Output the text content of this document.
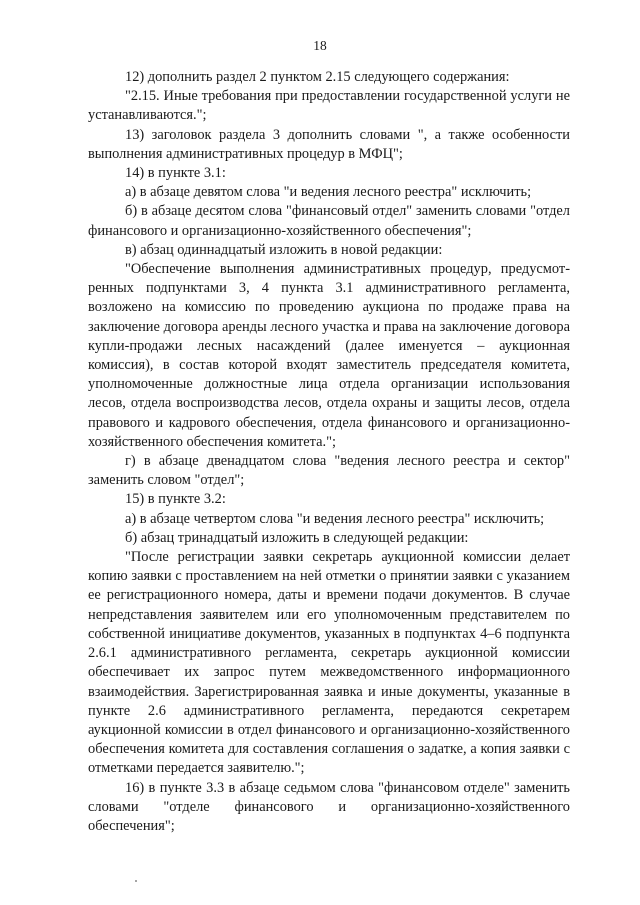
18

12) дополнить раздел 2 пунктом 2.15 следующего содержания:

"2.15. Иные требования при предоставлении государственной услуги не устанавливаются.";

13) заголовок раздела 3 дополнить словами ", а также особенности выполнения административных процедур в МФЦ";

14) в пункте 3.1:

а) в абзаце девятом слова "и ведения лесного реестра" исключить;

б) в абзаце десятом слова "финансовый отдел" заменить словами "отдел финансового и организационно-хозяйственного обеспечения";

в) абзац одиннадцатый изложить в новой редакции:

"Обеспечение выполнения административных процедур, предусмотренных подпунктами 3, 4 пункта 3.1 административного регламента, возложено на комиссию по проведению аукциона по продаже права на заключение договора аренды лесного участка и права на заключение договора купли-продажи лесных насаждений (далее именуется – аукционная комиссия), в состав которой входят заместитель председателя комитета, уполномоченные должностные лица отдела организации использования лесов, отдела воспроизводства лесов, отдела охраны и защиты лесов, отдела правового и кадрового обеспечения, отдела финансового и организационно-хозяйственного обеспечения комитета.";

г) в абзаце двенадцатом слова "ведения лесного реестра и сектор" заменить словом "отдел";

15) в пункте 3.2:

а) в абзаце четвертом слова "и ведения лесного реестра" исключить;

б) абзац тринадцатый изложить в следующей редакции:

"После регистрации заявки секретарь аукционной комиссии делает копию заявки с проставлением на ней отметки о принятии заявки с указанием ее регистрационного номера, даты и времени подачи документов. В случае непредставления заявителем или его уполномоченным представителем по собственной инициативе документов, указанных в подпунктах 4–6 подпункта 2.6.1 административного регламента, секретарь аукционной комиссии обеспечивает их запрос путем межведомственного информационного взаимодействия. Зарегистрированная заявка и иные документы, указанные в пункте 2.6 административного регламента, передаются секретарем аукционной комиссии в отдел финансового и организационно-хозяйственного обеспечения комитета для составления соглашения о задатке, а копия заявки с отметками передается заявителю.";

16) в пункте 3.3 в абзаце седьмом слова "финансовом отделе" заменить словами "отделе финансового и организационно-хозяйственного обеспечения";
